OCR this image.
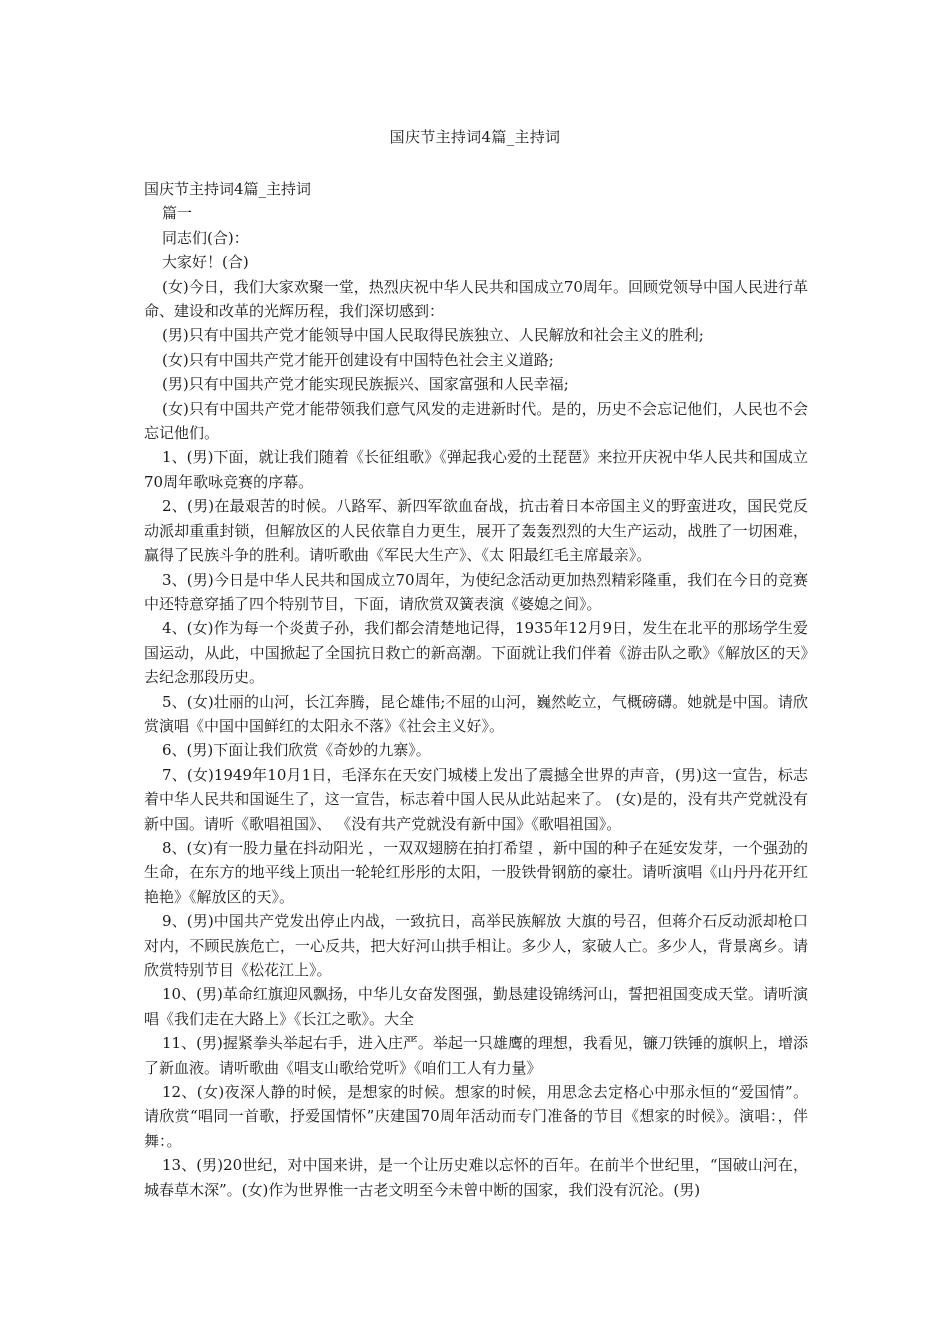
国庆节主持词4篇_主持词

国庆节主持词4篇_主持词

篇一

同志们(合)：

大家好！(合)

(女)今日，我们大家欢聚一堂，热烈庆祝中华人民共和国成立70周年。回顾党领导中国人民进行革命、建设和改革的光辉历程，我们深切感到：

(男)只有中国共产党才能领导中国人民取得民族独立、人民解放和社会主义的胜利;

(女)只有中国共产党才能开创建设有中国特色社会主义道路;

(男)只有中国共产党才能实现民族振兴、国家富强和人民幸福;

(女)只有中国共产党才能带领我们意气风发的走进新时代。是的，历史不会忘记他们，人民也不会忘记他们。

1、(男)下面，就让我们随着《长征组歌》《弹起我心爱的土琵琶》来拉开庆祝中华人民共和国成立70周年歌咏竞赛的序幕。

2、(男)在最艰苦的时候。八路军、新四军欲血奋战，抗击着日本帝国主义的野蛮进攻，国民党反动派却重重封锁，但解放区的人民依靠自力更生，展开了轰轰烈烈的大生产运动，战胜了一切困难，赢得了民族斗争的胜利。请听歌曲《军民大生产》、《太 阳最红毛主席最亲》。

3、(男)今日是中华人民共和国成立70周年，为使纪念活动更加热烈精彩隆重，我们在今日的竞赛中还特意穿插了四个特别节目，下面，请欣赏双簧表演《婆媳之间》。

4、(女)作为每一个炎黄子孙，我们都会清楚地记得，1935年12月9日，发生在北平的那场学生爱国运动，从此，中国掀起了全国抗日救亡的新高潮。下面就让我们伴着《游击队之歌》《解放区的天》去纪念那段历史。

5、(女)壮丽的山河，长江奔腾，昆仑雄伟;不屈的山河，巍然屹立，气概磅礴。她就是中国。请欣赏演唱《中国中国鲜红的太阳永不落》《社会主义好》。

6、(男)下面让我们欣赏《奇妙的九寨》。

7、(女)1949年10月1日，毛泽东在天安门城楼上发出了震撼全世界的声音，(男)这一宣告，标志着中华人民共和国诞生了，这一宣告，标志着中国人民从此站起来了。 (女)是的，没有共产党就没有新中国。请听《歌唱祖国》、 《没有共产党就没有新中国》《歌唱祖国》。

8、(女)有一股力量在抖动阳光 ，一双双翅膀在拍打希望 ，新中国的种子在延安发芽，一个强劲的生命，在东方的地平线上顶出一轮轮红彤彤的太阳，一股铁骨钢筋的豪壮。请听演唱《山丹丹花开红艳艳》《解放区的天》。

9、(男)中国共产党发出停止内战，一致抗日，高举民族解放 大旗的号召，但蒋介石反动派却枪口对内，不顾民族危亡，一心反共，把大好河山拱手相让。多少人，家破人亡。多少人，背景离乡。请欣赏特别节目《松花江上》。

10、(男)革命红旗迎风飘扬，中华儿女奋发图强，勤恳建设锦绣河山，誓把祖国变成天堂。请听演唱《我们走在大路上》《长江之歌》。大全

11、(男)握紧拳头举起右手，进入庄严。举起一只雄鹰的理想，我看见，镰刀铁锤的旗帜上，增添了新血液。请听歌曲《唱支山歌给党听》《咱们工人有力量》

12、(女)夜深人静的时候，是想家的时候。想家的时候，用思念去定格心中那永恒的“爱国情”。请欣赏“唱同一首歌，抒爱国情怀”庆建国70周年活动而专门准备的节目《想家的时候》。演唱：，伴舞：。

13、(男)20世纪，对中国来讲，是一个让历史难以忘怀的百年。在前半个世纪里，“国破山河在，城春草木深”。(女)作为世界惟一古老文明至今未曾中断的国家，我们没有沉沦。(男)
